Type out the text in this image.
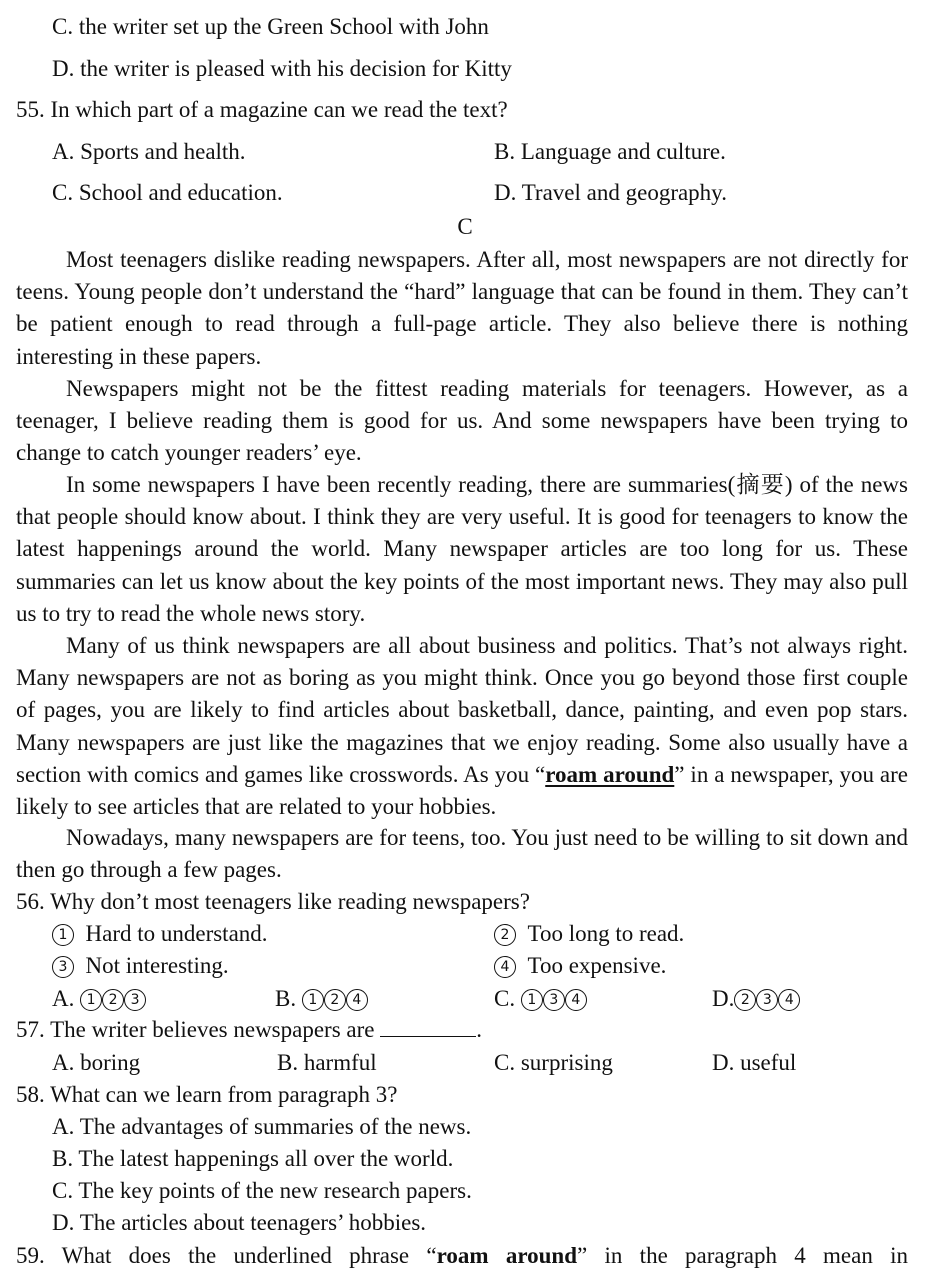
C. the writer set up the Green School with John
D. the writer is pleased with his decision for Kitty
55. In which part of a magazine can we read the text?
A. Sports and health.	B. Language and culture.
C. School and education.	D. Travel and geography.
C
Most teenagers dislike reading newspapers. After all, most newspapers are not directly for teens. Young people don’t understand the “hard” language that can be found in them. They can’t be patient enough to read through a full-page article. They also believe there is nothing interesting in these papers.
Newspapers might not be the fittest reading materials for teenagers. However, as a teenager, I believe reading them is good for us. And some newspapers have been trying to change to catch younger readers’ eye.
In some newspapers I have been recently reading, there are summaries(摘要) of the news that people should know about. I think they are very useful. It is good for teenagers to know the latest happenings around the world. Many newspaper articles are too long for us. These summaries can let us know about the key points of the most important news. They may also pull us to try to read the whole news story.
Many of us think newspapers are all about business and politics. That’s not always right. Many newspapers are not as boring as you might think. Once you go beyond those first couple of pages, you are likely to find articles about basketball, dance, painting, and even pop stars. Many newspapers are just like the magazines that we enjoy reading. Some also usually have a section with comics and games like crosswords. As you “roam around” in a newspaper, you are likely to see articles that are related to your hobbies.
Nowadays, many newspapers are for teens, too. You just need to be willing to sit down and then go through a few pages.
56. Why don’t most teenagers like reading newspapers?
1 Hard to understand.	2 Too long to read.
3 Not interesting.	4 Too expensive.
A. 1 2 3	B. 1 2 4	C. 1 3 4	D. 2 3 4
57. The writer believes newspapers are	.
A. boring	B. harmful	C. surprising	D. useful
58. What can we learn from paragraph 3?
A. The advantages of summaries of the news.
B. The latest happenings all over the world.
C. The key points of the new research papers.
D. The articles about teenagers’ hobbies.
59. What does the underlined phrase “roam around” in the paragraph 4 mean in
